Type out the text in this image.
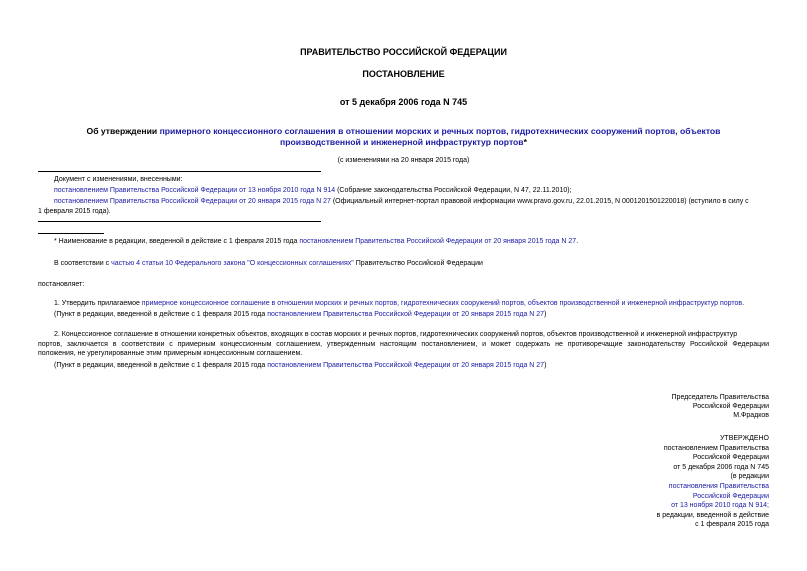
ПРАВИТЕЛЬСТВО РОССИЙСКОЙ ФЕДЕРАЦИИ
ПОСТАНОВЛЕНИЕ
от 5 декабря 2006 года N 745
Об утверждении примерного концессионного соглашения в отношении морских и речных портов, гидротехнических сооружений портов, объектов
производственной и инженерной инфраструктур портов*
(с изменениями на 20 января 2015 года)
Документ с изменениями, внесенными:
постановлением Правительства Российской Федерации от 13 ноября 2010 года N 914 (Собрание законодательства Российской Федерации, N 47, 22.11.2010);
постановлением Правительства Российской Федерации от 20 января 2015 года N 27 (Официальный интернет-портал правовой информации www.pravo.gov.ru, 22.01.2015, N 0001201501220018) (вступило в силу с
1 февраля 2015 года).
* Наименование в редакции, введенной в действие с 1 февраля 2015 года постановлением Правительства Российской Федерации от 20 января 2015 года N 27.
В соответствии с частью 4 статьи 10 Федерального закона "О концессионных соглашениях" Правительство Российской Федерации
постановляет:
1. Утвердить прилагаемое примерное концессионное соглашение в отношении морских и речных портов, гидротехнических сооружений портов, объектов производственной и инженерной инфраструктур портов.
(Пункт в редакции, введенной в действие с 1 февраля 2015 года постановлением Правительства Российской Федерации от 20 января 2015 года N 27)
2. Концессионное соглашение в отношении конкретных объектов, входящих в состав морских и речных портов, гидротехнических сооружений портов, объектов производственной и инженерной инфраструктур
портов, заключается в соответствии с примерным концессионным соглашением, утвержденным настоящим постановлением, и может содержать не противоречащие законодательству Российской Федерации
положения, не урегулированные этим примерным концессионным соглашением.
(Пункт в редакции, введенной в действие с 1 февраля 2015 года постановлением Правительства Российской Федерации от 20 января 2015 года N 27)
Председатель Правительства
Российской Федерации
М.Фрадков
УТВЕРЖДЕНО
постановлением Правительства
Российской Федерации
от 5 декабря 2006 года N 745
(в редакции
постановления Правительства
Российской Федерации
от 13 ноября 2010 года N 914;
в редакции, введенной в действие
с 1 февраля 2015 года
